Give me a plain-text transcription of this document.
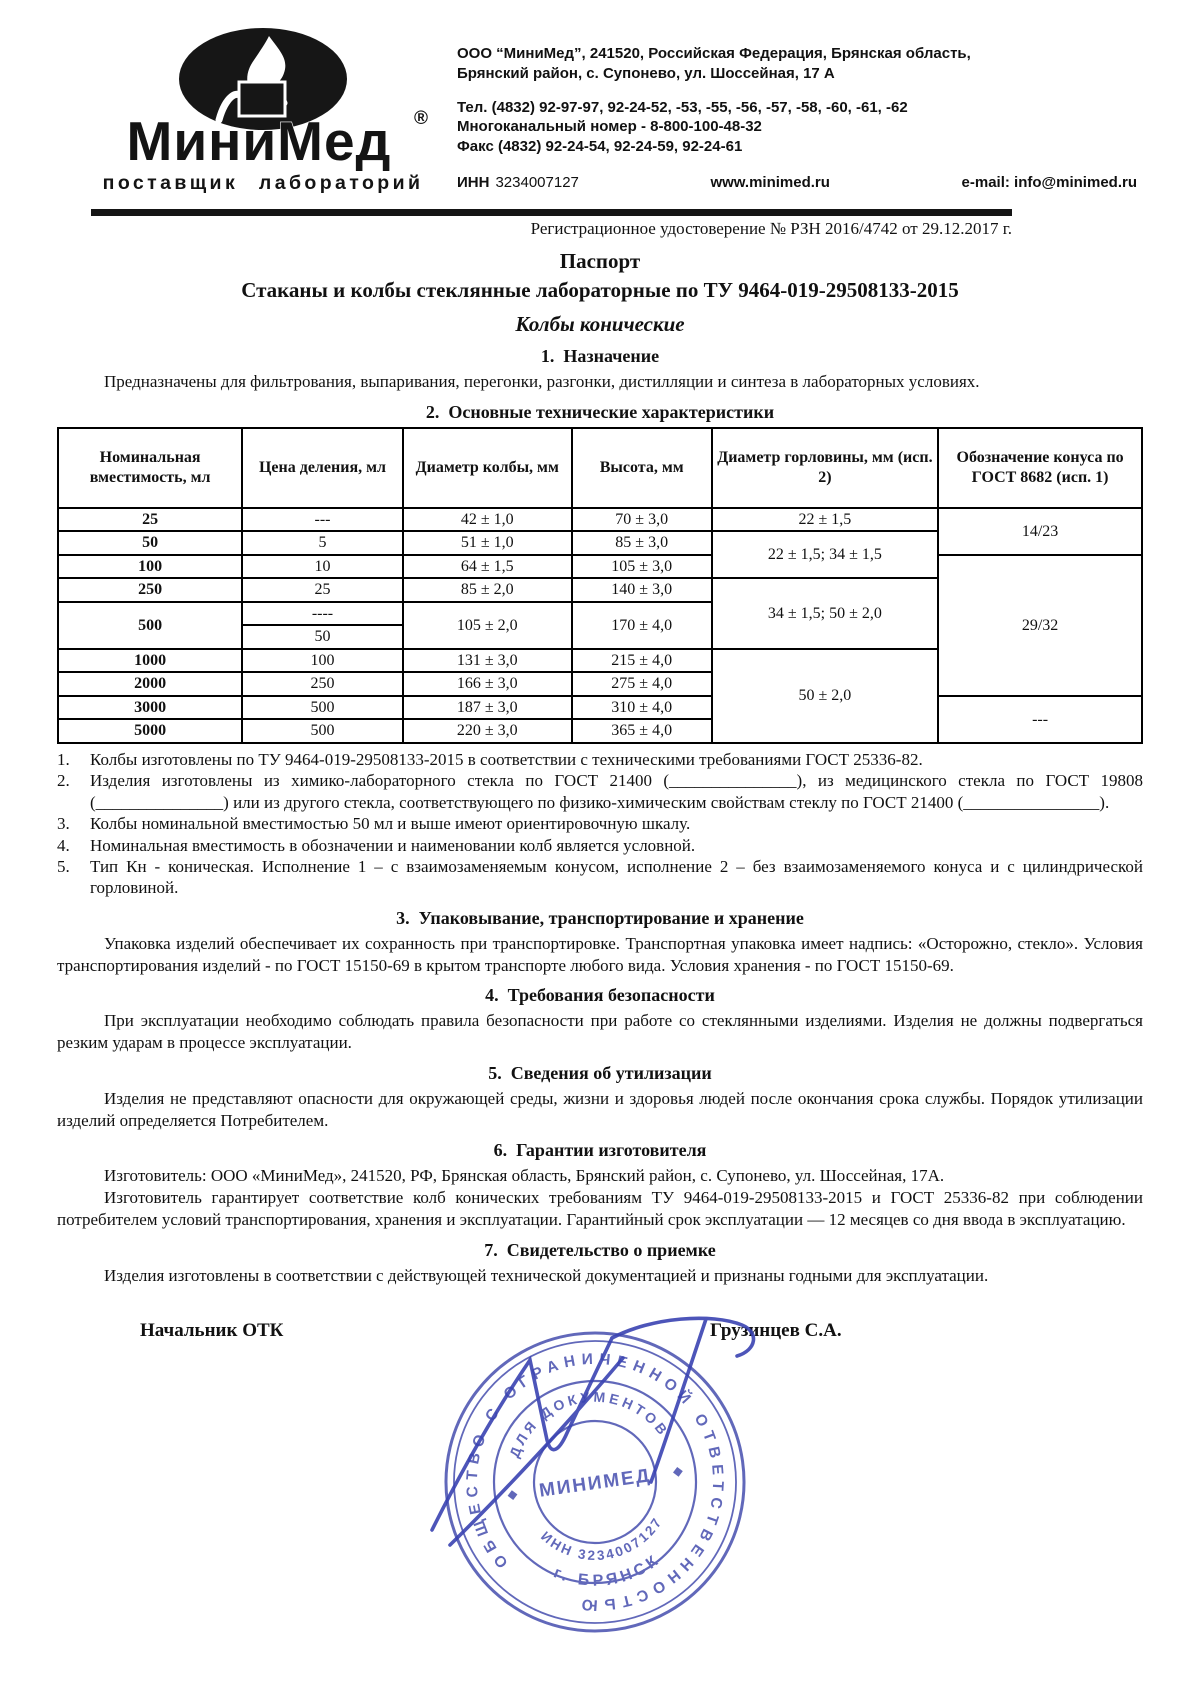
МиниМед ®
поставщик лабораторий
ООО “МиниМед”, 241520, Российская Федерация, Брянская область,
Брянский район, с. Супонево, ул. Шоссейная, 17 А
Тел. (4832) 92-97-97, 92-24-52, -53, -55, -56, -57, -58, -60, -61, -62
Многоканальный номер - 8-800-100-48-32
Факс (4832) 92-24-54, 92-24-59, 92-24-61
ИНН 3234007127	www.minimed.ru	e-mail: info@minimed.ru
Регистрационное удостоверение № РЗН 2016/4742 от 29.12.2017 г.
Паспорт
Стаканы и колбы стеклянные лабораторные по ТУ 9464-019-29508133-2015
Колбы конические
1.  Назначение

Предназначены для фильтрования, выпаривания, перегонки, разгонки, дистилляции и синтеза в лабораторных условиях.

2.  Основные технические характеристики
Номинальная вместимость, мл	Цена деления, мл	Диаметр колбы, мм	Высота, мм	Диаметр горловины, мм (исп. 2)	Обозначение конуса по ГОСТ 8682 (исп. 1)
25	---	42 ± 1,0	70 ± 3,0	22 ± 1,5	14/23
50	5	51 ± 1,0	85 ± 3,0	22 ± 1,5; 34 ± 1,5	
100	10	64 ± 1,5	105 ± 3,0		29/32
250	25	85 ± 2,0	140 ± 3,0	34 ± 1,5; 50 ± 2,0	
500	----	105 ± 2,0	170 ± 4,0		
	50				
1000	100	131 ± 3,0	215 ± 4,0	50 ± 2,0	
2000	250	166 ± 3,0	275 ± 4,0		
3000	500	187 ± 3,0	310 ± 4,0		---
5000	500	220 ± 3,0	365 ± 4,0		
1.	Колбы изготовлены по ТУ 9464-019-29508133-2015 в соответствии с техническими требованиями ГОСТ 25336-82.
2.	Изделия изготовлены из химико-лабораторного стекла по ГОСТ 21400 (_______________), из медицинского стекла по ГОСТ 19808 (_______________) или из другого стекла, соответствующего по физико-химическим свойствам стеклу по ГОСТ 21400 (________________).
3.	Колбы номинальной вместимостью 50 мл и выше имеют ориентировочную шкалу.
4.	Номинальная вместимость в обозначении и наименовании колб является условной.
5.	Тип Кн - коническая. Исполнение 1 – с взаимозаменяемым конусом, исполнение 2 – без взаимозаменяемого конуса и с цилиндрической горловиной.
3.  Упаковывание, транспортирование и хранение

Упаковка изделий обеспечивает их сохранность при транспортировке. Транспортная упаковка имеет надпись: «Осторожно, стекло». Условия транспортирования изделий - по ГОСТ 15150-69 в крытом транспорте любого вида. Условия хранения - по ГОСТ 15150-69.

4.  Требования безопасности

При эксплуатации необходимо соблюдать правила безопасности при работе со стеклянными изделиями. Изделия не должны подвергаться резким ударам в процессе эксплуатации.

5.  Сведения об утилизации

Изделия не представляют опасности для окружающей среды, жизни и здоровья людей после окончания срока службы. Порядок утилизации изделий определяется Потребителем.

6.  Гарантии изготовителя

Изготовитель: ООО «МиниМед», 241520, РФ, Брянская область, Брянский район, с. Супонево, ул. Шоссейная, 17А.

Изготовитель гарантирует соответствие колб конических требованиям ТУ 9464-019-29508133-2015 и ГОСТ 25336-82 при соблюдении потребителем условий транспортирования, хранения и эксплуатации. Гарантийный срок эксплуатации — 12 месяцев со дня ввода в эксплуатацию.

7.  Свидетельство о приемке

Изделия изготовлены в соответствии с действующей технической документацией и признаны годными для эксплуатации.

Начальник ОТК	Грузинцев С.А.
ОБЩЕСТВО С ОГРАНИЧЕННОЙ ОТВЕТСТВЕННОСТЬЮ
ДЛЯ ДОКУМЕНТОВ
ИНН 3234007127
г. БРЯНСК
МИНИМЕД
